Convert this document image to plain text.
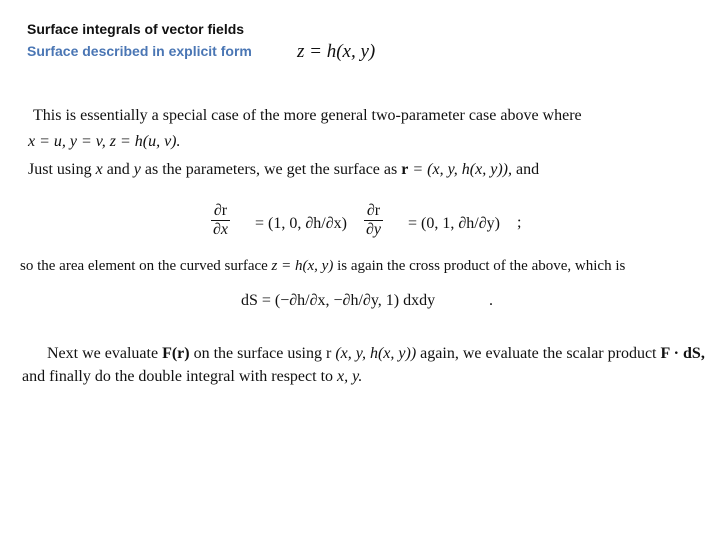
Surface integrals of vector fields
Surface described in explicit form z = h(x, y)
This is essentially a special case of the more general two-parameter case above where
x = u, y = v, z = h(u, v).
Just using x and y as the parameters, we get the surface as r = (x, y, h(x, y)), and
$\frac{\partial r}{\partial x} = (1$, 0, $\partial h/\partial x) \frac{\partial r}{\partial y} = (0$, 1, ∂h/∂y) ;
so the area element on the curved surface z = h(x, y) is again the cross product of the above, which is
dS = (−∂h/∂x, −∂h/∂y, 1) dxdy	.
Next we evaluate F(r) on the surface using r (x, y, h(x, y)) again, we evaluate the scalar product F · dS,
and finally do the double integral with respect to x, y.
